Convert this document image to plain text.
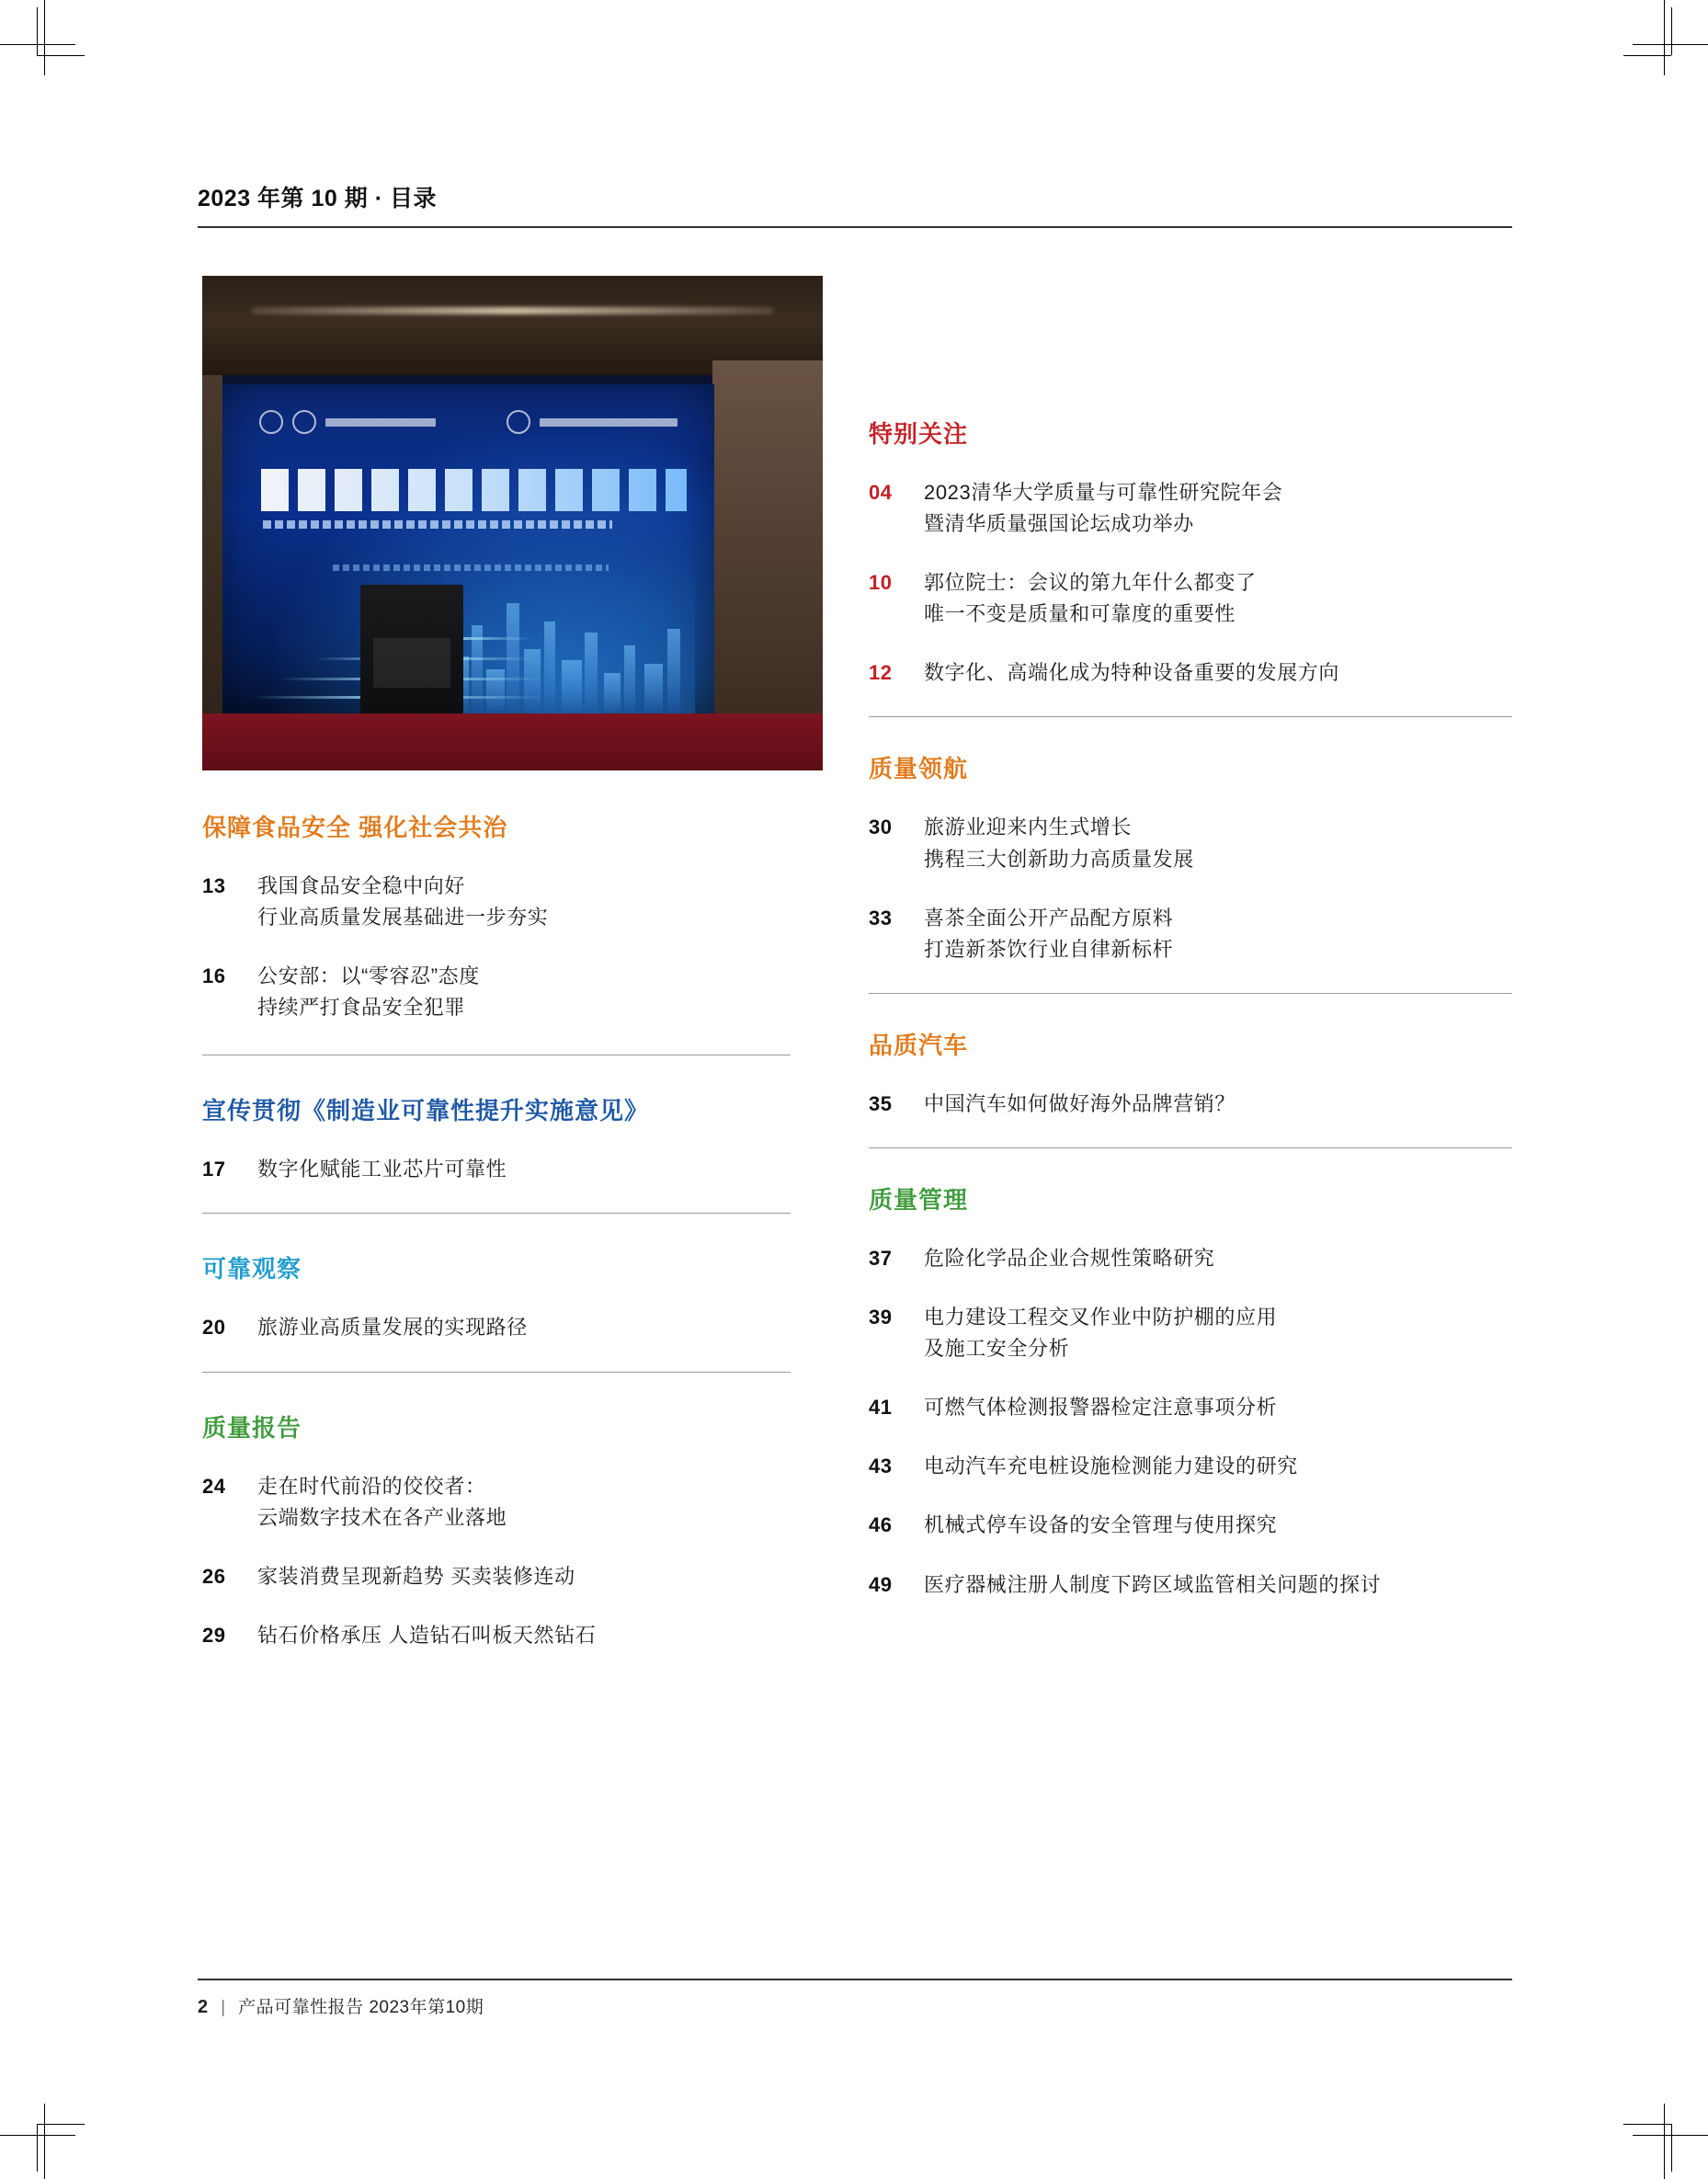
2023 年第 10 期 · 目录
特别关注
04	2023清华大学质量与可靠性研究院年会
暨清华质量强国论坛成功举办
10	郭位院士：会议的第九年什么都变了
唯一不变是质量和可靠度的重要性
12	数字化、高端化成为特种设备重要的发展方向
质量领航
30	旅游业迎来内生式增长
携程三大创新助力高质量发展
33	喜茶全面公开产品配方原料
打造新茶饮行业自律新标杆
品质汽车
35	中国汽车如何做好海外品牌营销？
质量管理
37	危险化学品企业合规性策略研究
39	电力建设工程交叉作业中防护棚的应用
及施工安全分析
41	可燃气体检测报警器检定注意事项分析
43	电动汽车充电桩设施检测能力建设的研究
46	机械式停车设备的安全管理与使用探究
49	医疗器械注册人制度下跨区域监管相关问题的探讨
保障食品安全 强化社会共治
13	我国食品安全稳中向好
行业高质量发展基础进一步夯实
16	公安部：以“零容忍”态度
持续严打食品安全犯罪
宣传贯彻《制造业可靠性提升实施意见》
17	数字化赋能工业芯片可靠性
可靠观察
20	旅游业高质量发展的实现路径
质量报告
24	走在时代前沿的佼佼者：
云端数字技术在各产业落地
26	家装消费呈现新趋势 买卖装修连动
29	钻石价格承压 人造钻石叫板天然钻石
2 | 产品可靠性报告 2023年第10期
